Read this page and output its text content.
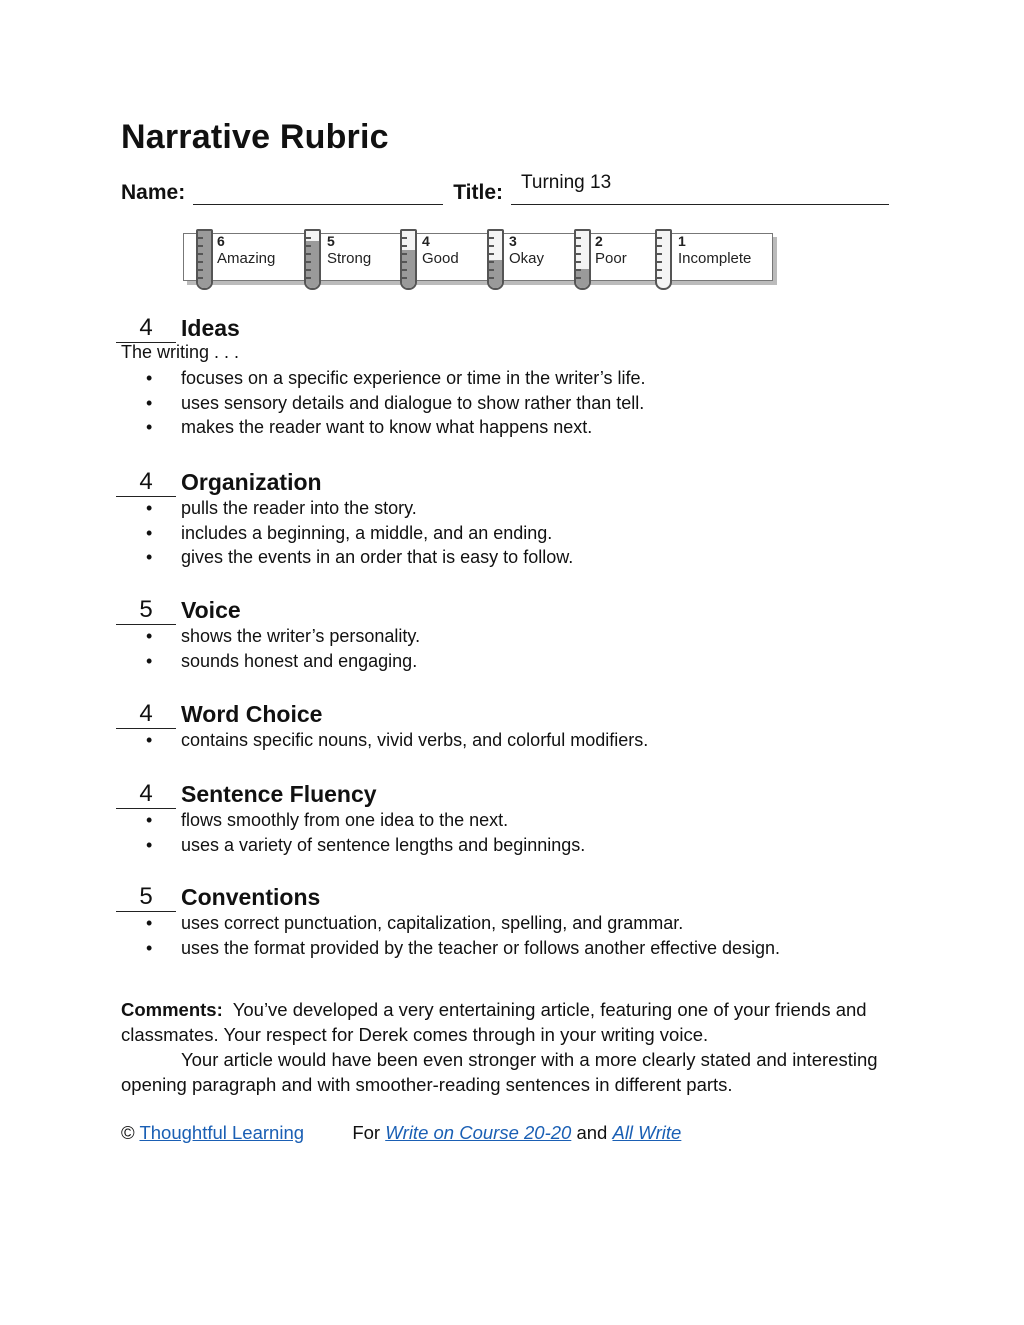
Narrative Rubric
Name:	Title: Turning 13
6
Amazing
5
Strong
4
Good
3
Okay
2
Poor
1
Incomplete
4	Ideas
The writing . . .
• focuses on a specific experience or time in the writer’s life.
• uses sensory details and dialogue to show rather than tell.
• makes the reader want to know what happens next.
4	Organization
• pulls the reader into the story.
• includes a beginning, a middle, and an ending.
• gives the events in an order that is easy to follow.
5	Voice
• shows the writer’s personality.
• sounds honest and engaging.
4	Word Choice
• contains specific nouns, vivid verbs, and colorful modifiers.
4	Sentence Fluency
• flows smoothly from one idea to the next.
• uses a variety of sentence lengths and beginnings.
5	Conventions
• uses correct punctuation, capitalization, spelling, and grammar.
• uses the format provided by the teacher or follows another effective design.

Comments: You’ve developed a very entertaining article, featuring one of your friends and classmates. Your respect for Derek comes through in your writing voice.

Your article would have been even stronger with a more clearly stated and interesting opening paragraph and with smoother-reading sentences in different parts.

© Thoughtful Learning	For Write on Course 20-20 and All Write
